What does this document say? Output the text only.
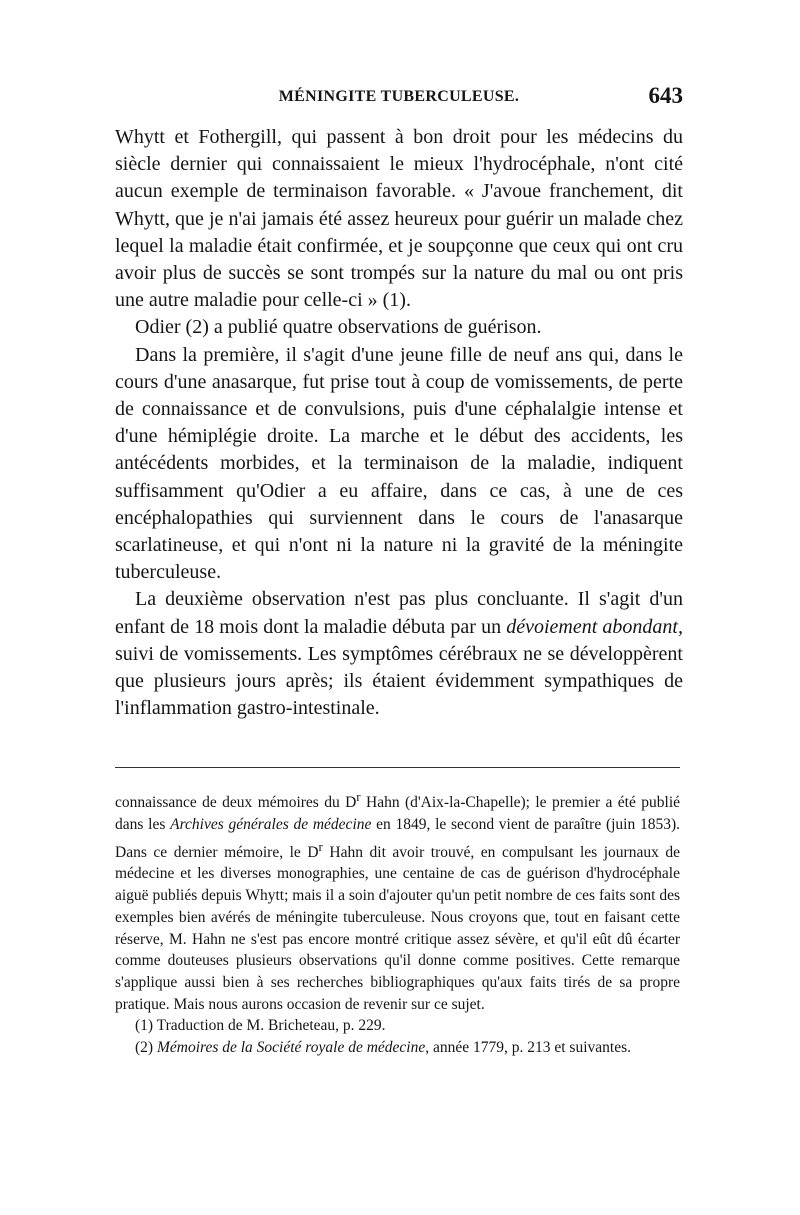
MÉNINGITE TUBERCULEUSE.	643

Whytt et Fothergill, qui passent à bon droit pour les médecins du siècle dernier qui connaissaient le mieux l'hydrocéphale, n'ont cité aucun exemple de terminaison favorable. « J'avoue franchement, dit Whytt, que je n'ai jamais été assez heureux pour guérir un malade chez lequel la maladie était confirmée, et je soupçonne que ceux qui ont cru avoir plus de succès se sont trompés sur la nature du mal ou ont pris une autre maladie pour celle-ci » (1).

Odier (2) a publié quatre observations de guérison.

Dans la première, il s'agit d'une jeune fille de neuf ans qui, dans le cours d'une anasarque, fut prise tout à coup de vomissements, de perte de connaissance et de convulsions, puis d'une céphalalgie intense et d'une hémiplégie droite. La marche et le début des accidents, les antécédents morbides, et la terminaison de la maladie, indiquent suffisamment qu'Odier a eu affaire, dans ce cas, à une de ces encéphalopathies qui surviennent dans le cours de l'anasarque scarlatineuse, et qui n'ont ni la nature ni la gravité de la méningite tuberculeuse.

La deuxième observation n'est pas plus concluante. Il s'agit d'un enfant de 18 mois dont la maladie débuta par un dévoiement abondant, suivi de vomissements. Les symptômes cérébraux ne se développèrent que plusieurs jours après; ils étaient évidemment sympathiques de l'inflammation gastro-intestinale.

connaissance de deux mémoires du $D^r$ Hahn (d'Aix-la-Chapelle); le premier a été publié dans les Archives générales de médecine en 1849, le second vient de paraître (juin 1853). Dans ce dernier mémoire, le $D^r$ Hahn dit avoir trouvé, en compulsant les journaux de médecine et les diverses monographies, une centaine de cas de guérison d'hydrocéphale aiguë publiés depuis Whytt; mais il a soin d'ajouter qu'un petit nombre de ces faits sont des exemples bien avérés de méningite tuberculeuse. Nous croyons que, tout en faisant cette réserve, M. Hahn ne s'est pas encore montré critique assez sévère, et qu'il eût dû écarter comme douteuses plusieurs observations qu'il donne comme positives. Cette remarque s'applique aussi bien à ses recherches bibliographiques qu'aux faits tirés de sa propre pratique. Mais nous aurons occasion de revenir sur ce sujet.

(1) Traduction de M. Bricheteau, p. 229.

(2) Mémoires de la Société royale de médecine, année 1779, p. 213 et suivantes.
